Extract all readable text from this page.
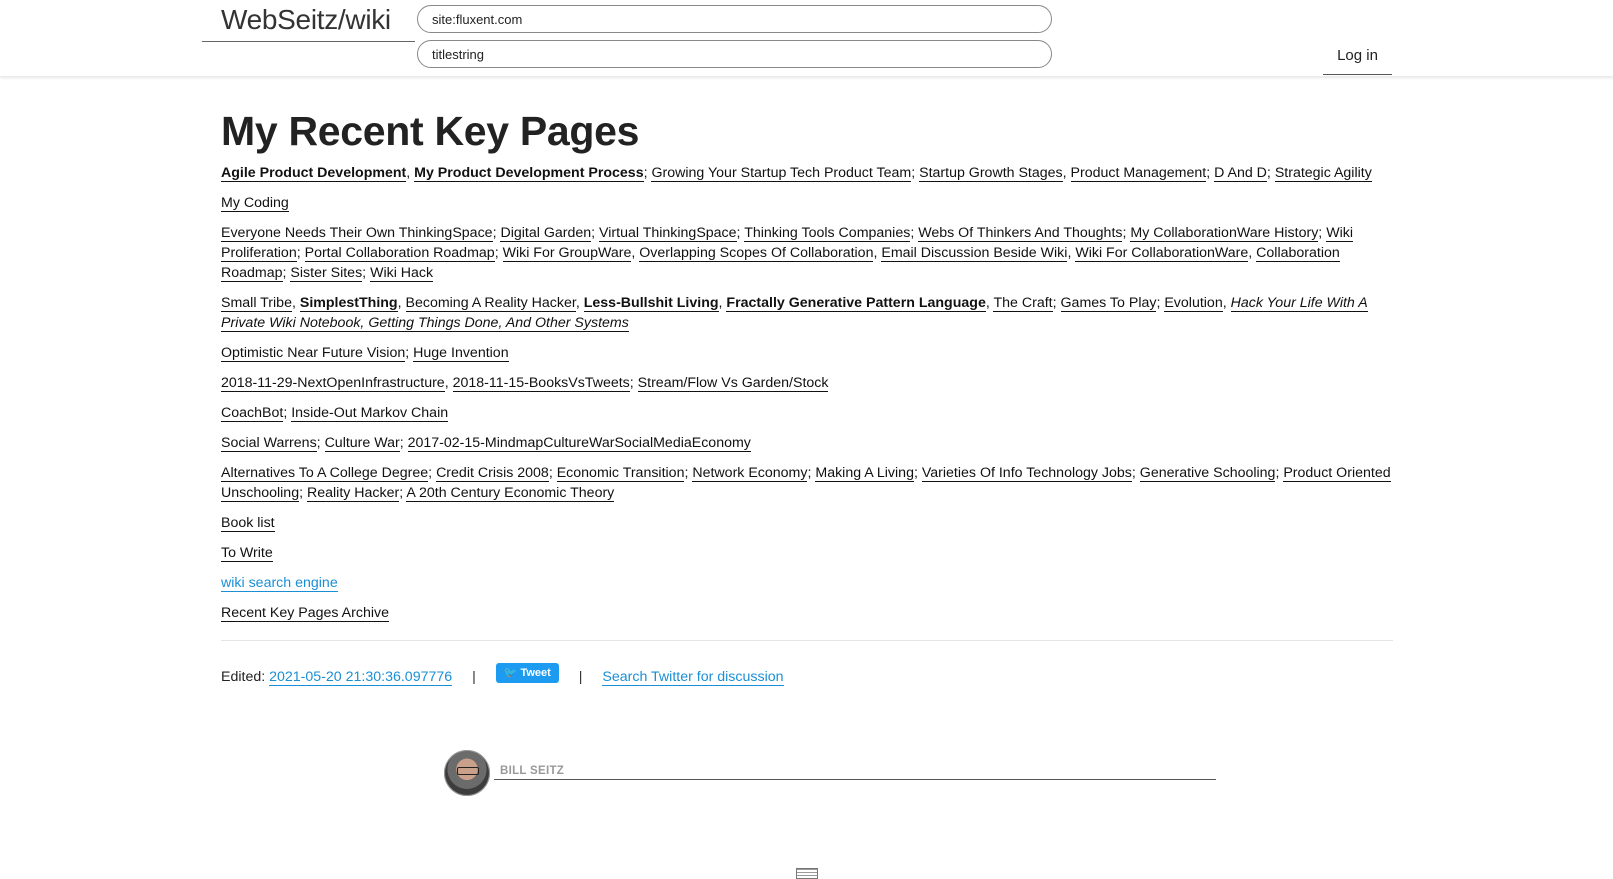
WebSeitz/wiki
site:fluxent.com
titlestring
Log in
My Recent Key Pages
Agile Product Development, My Product Development Process; Growing Your Startup Tech Product Team; Startup Growth Stages, Product Management; D And D; Strategic Agility
My Coding
Everyone Needs Their Own ThinkingSpace; Digital Garden; Virtual ThinkingSpace; Thinking Tools Companies; Webs Of Thinkers And Thoughts; My CollaborationWare History; Wiki Proliferation; Portal Collaboration Roadmap; Wiki For GroupWare, Overlapping Scopes Of Collaboration, Email Discussion Beside Wiki, Wiki For CollaborationWare, Collaboration Roadmap; Sister Sites; Wiki Hack
Small Tribe, SimplestThing, Becoming A Reality Hacker, Less-Bullshit Living, Fractally Generative Pattern Language, The Craft; Games To Play; Evolution, Hack Your Life With A Private Wiki Notebook, Getting Things Done, And Other Systems
Optimistic Near Future Vision; Huge Invention
2018-11-29-NextOpenInfrastructure, 2018-11-15-BooksVsTweets; Stream/Flow Vs Garden/Stock
CoachBot; Inside-Out Markov Chain
Social Warrens; Culture War; 2017-02-15-MindmapCultureWarSocialMediaEconomy
Alternatives To A College Degree; Credit Crisis 2008; Economic Transition; Network Economy; Making A Living; Varieties Of Info Technology Jobs; Generative Schooling; Product Oriented Unschooling; Reality Hacker; A 20th Century Economic Theory
Book list
To Write
wiki search engine
Recent Key Pages Archive
Edited: 2021-05-20 21:30:36.097776 |	🐦 Tweet | Search Twitter for discussion
BILL SEITZ
